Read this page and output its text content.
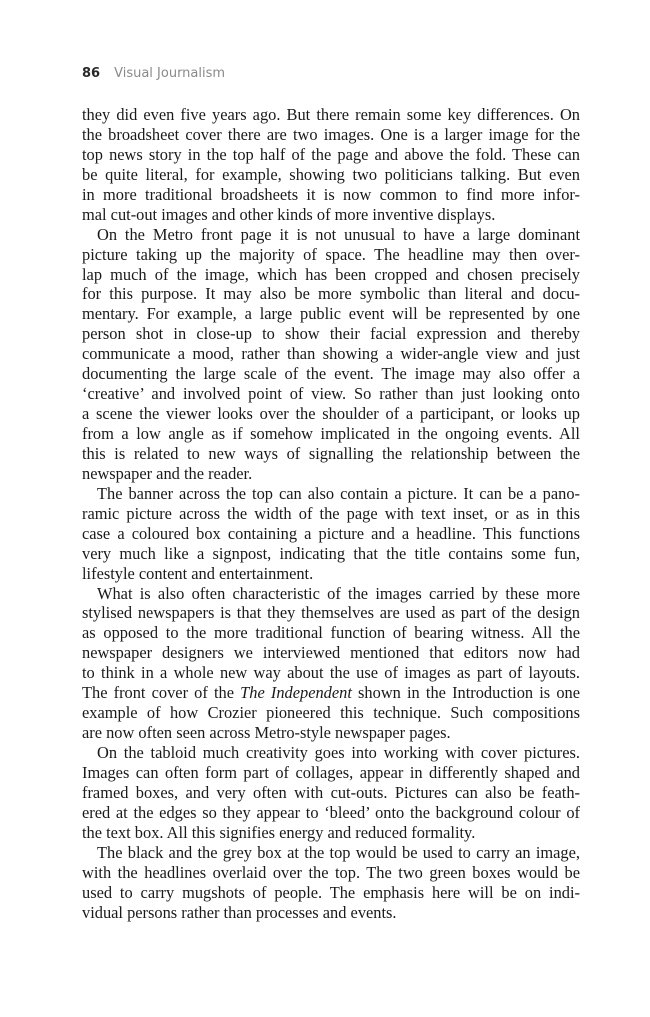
86 Visual Journalism
they did even five years ago. But there remain some key differences. On
the broadsheet cover there are two images. One is a larger image for the
top news story in the top half of the page and above the fold. These can
be quite literal, for example, showing two politicians talking. But even
in more traditional broadsheets it is now common to find more infor-
mal cut-out images and other kinds of more inventive displays.
On the Metro front page it is not unusual to have a large dominant
picture taking up the majority of space. The headline may then over-
lap much of the image, which has been cropped and chosen precisely
for this purpose. It may also be more symbolic than literal and docu-
mentary. For example, a large public event will be represented by one
person shot in close-up to show their facial expression and thereby
communicate a mood, rather than showing a wider-angle view and just
documenting the large scale of the event. The image may also offer a
‘creative’ and involved point of view. So rather than just looking onto
a scene the viewer looks over the shoulder of a participant, or looks up
from a low angle as if somehow implicated in the ongoing events. All
this is related to new ways of signalling the relationship between the
newspaper and the reader.
The banner across the top can also contain a picture. It can be a pano-
ramic picture across the width of the page with text inset, or as in this
case a coloured box containing a picture and a headline. This functions
very much like a signpost, indicating that the title contains some fun,
lifestyle content and entertainment.
What is also often characteristic of the images carried by these more
stylised newspapers is that they themselves are used as part of the design
as opposed to the more traditional function of bearing witness. All the
newspaper designers we interviewed mentioned that editors now had
to think in a whole new way about the use of images as part of layouts.
The front cover of the The Independent shown in the Introduction is one
example of how Crozier pioneered this technique. Such compositions
are now often seen across Metro-style newspaper pages.
On the tabloid much creativity goes into working with cover pictures.
Images can often form part of collages, appear in differently shaped and
framed boxes, and very often with cut-outs. Pictures can also be feath-
ered at the edges so they appear to ‘bleed’ onto the background colour of
the text box. All this signifies energy and reduced formality.
The black and the grey box at the top would be used to carry an image,
with the headlines overlaid over the top. The two green boxes would be
used to carry mugshots of people. The emphasis here will be on indi-
vidual persons rather than processes and events.
